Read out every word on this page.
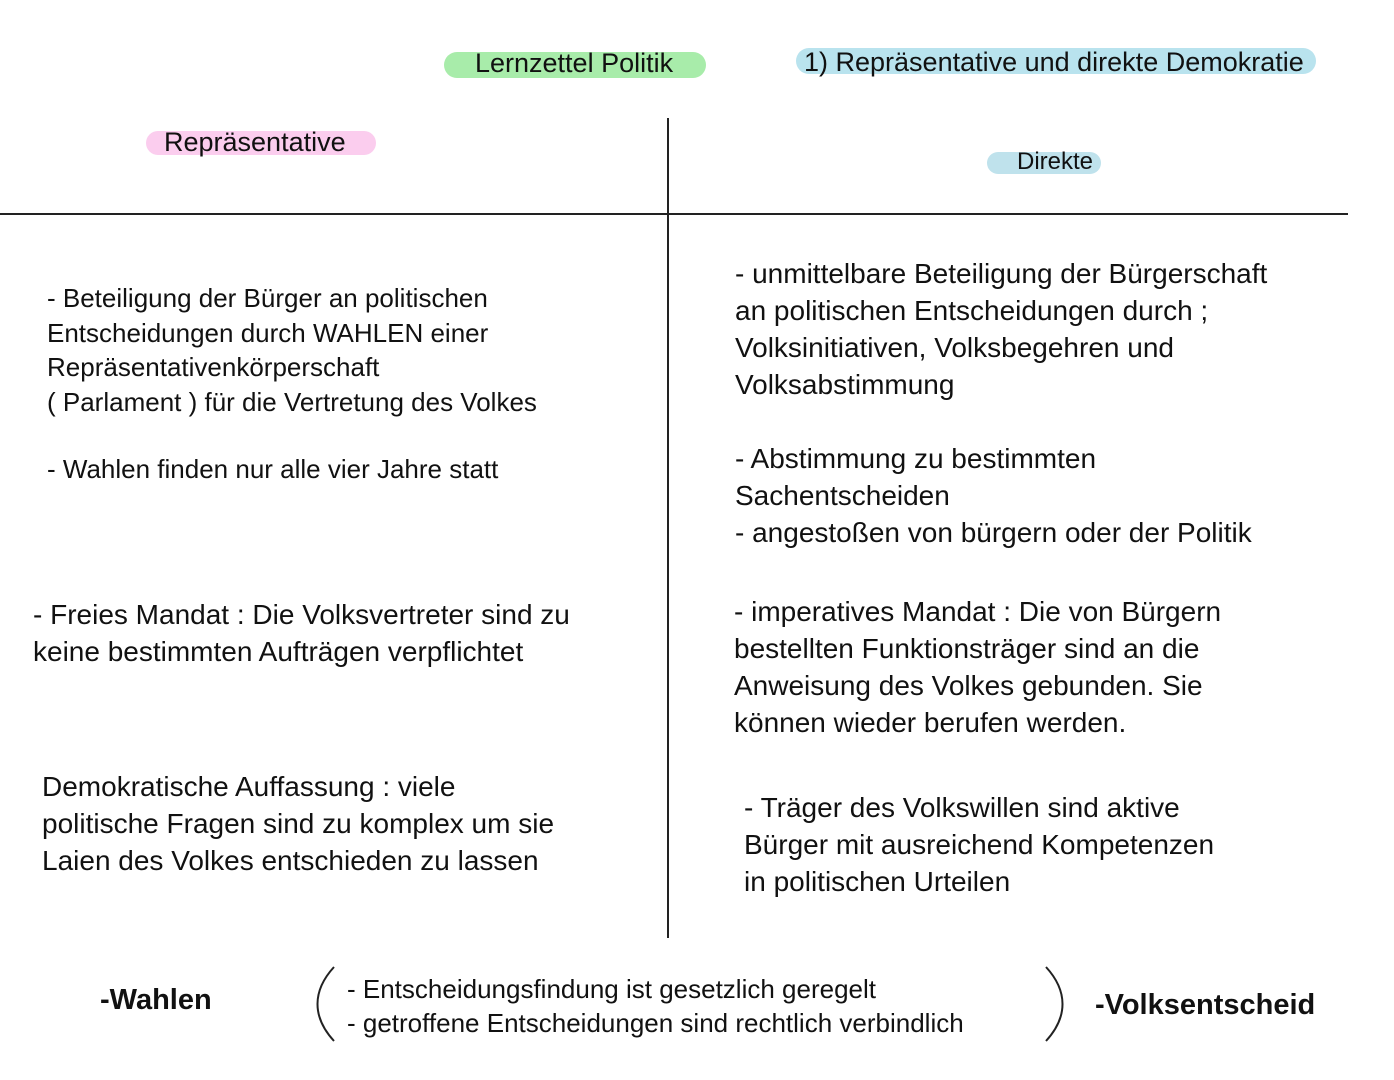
Lernzettel Politik	1) Repräsentative und direkte Demokratie
Repräsentative
Direkte
- Beteiligung der Bürger an politischen
Entscheidungen durch WAHLEN einer
Repräsentativenkörperschaft
( Parlament ) für die Vertretung des Volkes
- Wahlen finden nur alle vier Jahre statt
- Freies Mandat : Die Volksvertreter sind zu
keine bestimmten Aufträgen verpflichtet
Demokratische Auffassung : viele
politische Fragen sind zu komplex um sie
Laien des Volkes entschieden zu lassen
- unmittelbare Beteiligung der Bürgerschaft
an politischen Entscheidungen durch ;
Volksinitiativen, Volksbegehren und
Volksabstimmung
- Abstimmung zu bestimmten
Sachentscheiden
- angestoßen von bürgern oder der Politik
- imperatives Mandat : Die von Bürgern
bestellten Funktionsträger sind an die
Anweisung des Volkes gebunden. Sie
können wieder berufen werden.
- Träger des Volkswillen sind aktive
Bürger mit ausreichend Kompetenzen
in politischen Urteilen
-Wahlen	- Entscheidungsfindung ist gesetzlich geregelt
- getroffene Entscheidungen sind rechtlich verbindlich
-Volksentscheid
